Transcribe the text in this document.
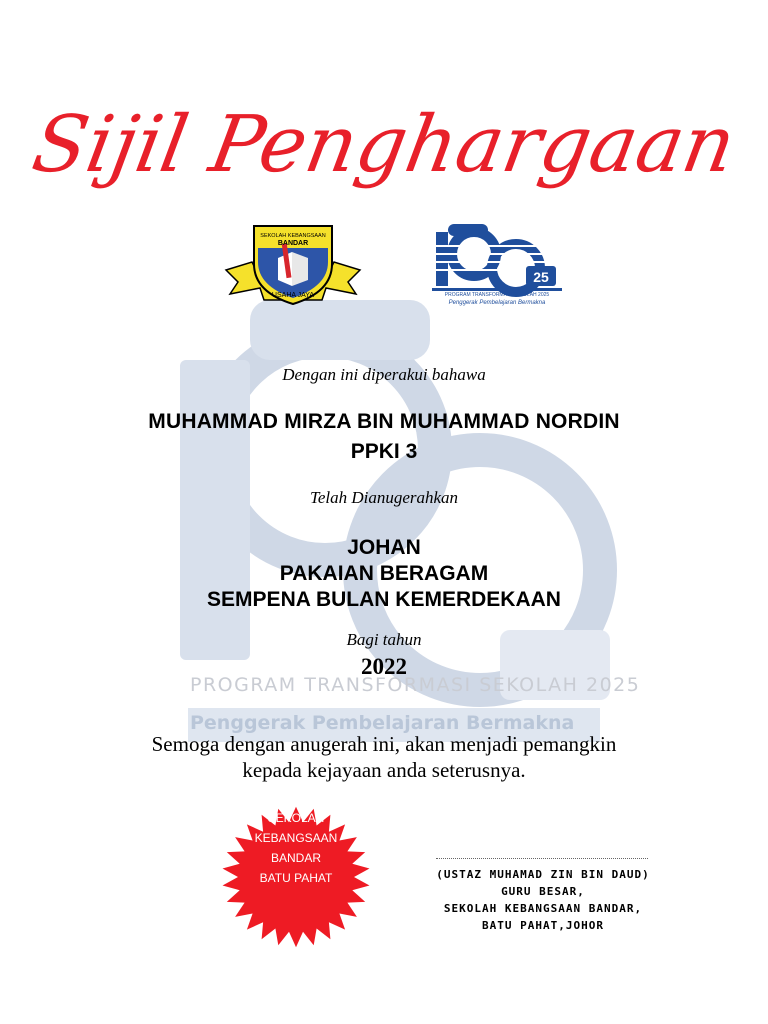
PROGRAM TRANSFORMASI SEKOLAH 2025
Penggerak Pembelajaran Bermakna
Sijil Penghargaan
SEKOLAH KEBANGSAAN
BANDAR
USAHA JAYA
25
PROGRAM TRANSFORMASI SEKOLAH 2025
Penggerak Pembelajaran Bermakna
Dengan ini diperakui bahawa
MUHAMMAD MIRZA BIN MUHAMMAD NORDIN
PPKI 3
Telah Dianugerahkan
JOHAN
PAKAIAN BERAGAM
SEMPENA BULAN KEMERDEKAAN
Bagi tahun
2022
Semoga dengan anugerah ini, akan menjadi pemangkin
kepada kejayaan anda seterusnya.
SEKOLAH
KEBANGSAAN
BANDAR
BATU PAHAT	(USTAZ MUHAMAD ZIN BIN DAUD)
GURU BESAR,
SEKOLAH KEBANGSAAN BANDAR,
BATU PAHAT,JOHOR
